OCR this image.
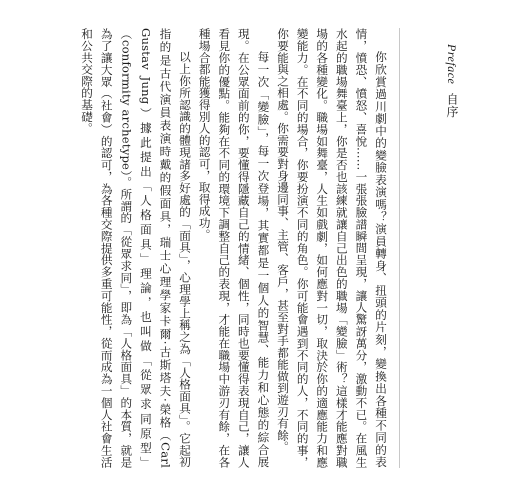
Preface 自序

你欣賞過川劇中的變臉表演嗎？演員轉身、扭頭的片刻，變換出各種不同的表情，憤恐、憤怒、喜悅……一張張臉譜瞬間呈現，讓人驚訝萬分，激動不已。在風生水起的職場舞臺上，你是否也該練就讓自己出色的職場「變臉」術？這樣才能應對職場的各種變化。職場如舞臺，人生如戲劇，如何應對一切，取決於你的適應能力和應變能力。在不同的場合，你要扮演不同的角色。你可能會遇到不同的人，不同的事，你要能與之相處。你需要對身邊同事、主管、客戶，甚至對手都能做到遊刃有餘。

每一次「變臉」，每一次登場，其實都是一個人的智慧、能力和心態的綜合展現。在公眾面前的你，要懂得隱藏自己的情緒、個性，同時也要懂得表現自己，讓人看見你的優點。能夠在不同的環境下調整自己的表現，才能在職場中游刃有餘，在各種場合都能獲得別人的認可，取得成功。

以上你所認識的體現諸多好處的「面具」，心理學上稱之為「人格面具」。它起初指的是古代演員表演時戴的假面具，瑞士心理學家卡爾·古斯塔夫·榮格（Carl Gustav Jung）據此提出「人格面具」理論，也叫做「從眾求同原型」（conformity archetype）。所謂的「從眾求同」，即為「人格面具」的本質，就是為了讓大眾（社會）的認可，為各種交際提供多重可能性，從而成為一個人社會生活和公共交際的基礎。
